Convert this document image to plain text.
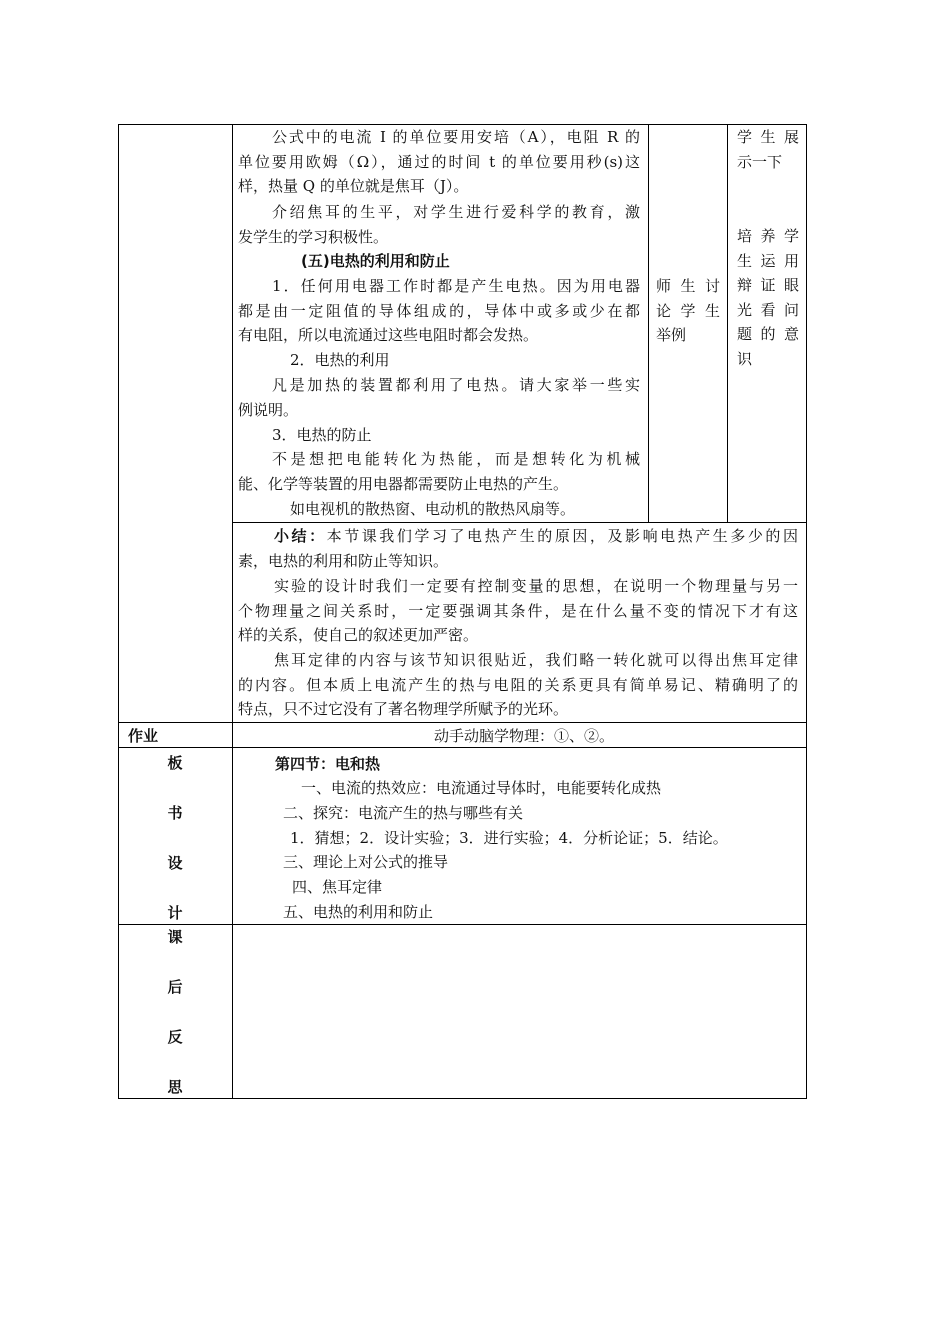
公式中的电流 I 的单位要用安培（A），电阻 R 的
单位要用欧姆（Ω），通过的时间 t 的单位要用秒(s)这
样，热量 Q 的单位就是焦耳（J）。
介绍焦耳的生平，对学生进行爱科学的教育，激
发学生的学习积极性。
(五)电热的利用和防止
1．任何用电器工作时都是产生电热。因为用电器
都是由一定阻值的导体组成的，导体中或多或少在都
有电阻，所以电流通过这些电阻时都会发热。
2．电热的利用
凡是加热的装置都利用了电热。请大家举一些实
例说明。
3．电热的防止
不是想把电能转化为热能，而是想转化为机械
能、化学等装置的用电器都需要防止电热的产生。
如电视机的散热窗、电动机的散热风扇等。
师 生 讨
论 学 生
举例
学 生 展
示一下
培 养 学
生 运 用
辩 证 眼
光 看 问
题 的 意
识
小结：本节课我们学习了电热产生的原因，及影响电热产生多少的因
素，电热的利用和防止等知识。
实验的设计时我们一定要有控制变量的思想，在说明一个物理量与另一
个物理量之间关系时，一定要强调其条件，是在什么量不变的情况下才有这
样的关系，使自己的叙述更加严密。
焦耳定律的内容与该节知识很贴近，我们略一转化就可以得出焦耳定律
的内容。但本质上电流产生的热与电阻的关系更具有简单易记、精确明了的
特点，只不过它没有了著名物理学所赋予的光环。
作业	动手动脑学物理：①、②。
板
书
设
计
第四节：电和热
一、电流的热效应：电流通过导体时，电能要转化成热
二、探究：电流产生的热与哪些有关
1．猜想；2．设计实验；3．进行实验；4．分析论证；5．结论。
三、理论上对公式的推导
四、焦耳定律
五、电热的利用和防止
课
后
反
思
